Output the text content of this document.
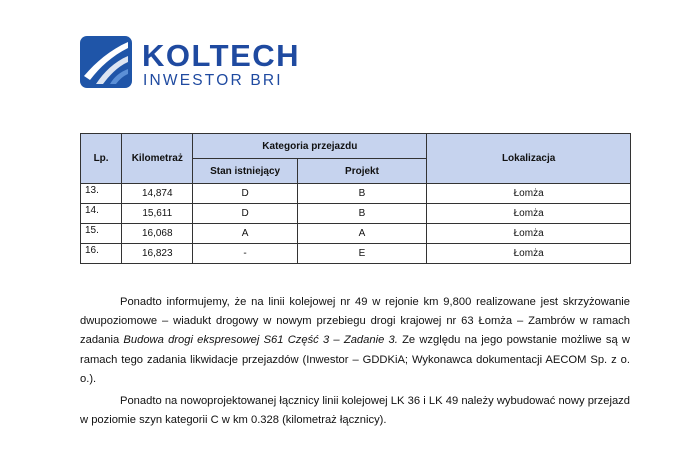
KOLTECH
INWESTOR BRI
Lp.	Kilometraż	Kategoria przejazdu		Lokalizacja
		Stan istniejący	Projekt	
13.	14,874	D	B	Łomża
14.	15,611	D	B	Łomża
15.	16,068	A	A	Łomża
16.	16,823	-	E	Łomża

Ponadto informujemy, że na linii kolejowej nr 49 w rejonie km 9,800 realizowane jest skrzyżowanie dwupoziomowe – wiadukt drogowy w nowym przebiegu drogi krajowej nr 63 Łomża – Zambrów w ramach zadania Budowa drogi ekspresowej S61 Część 3 – Zadanie 3. Ze względu na jego powstanie możliwe są w ramach tego zadania likwidacje przejazdów (Inwestor – GDDKiA; Wykonawca dokumentacji AECOM Sp. z o. o.).

Ponadto na nowoprojektowanej łącznicy linii kolejowej LK 36 i LK 49 należy wybudować nowy przejazd w poziomie szyn kategorii C w km 0.328 (kilometraż łącznicy).
